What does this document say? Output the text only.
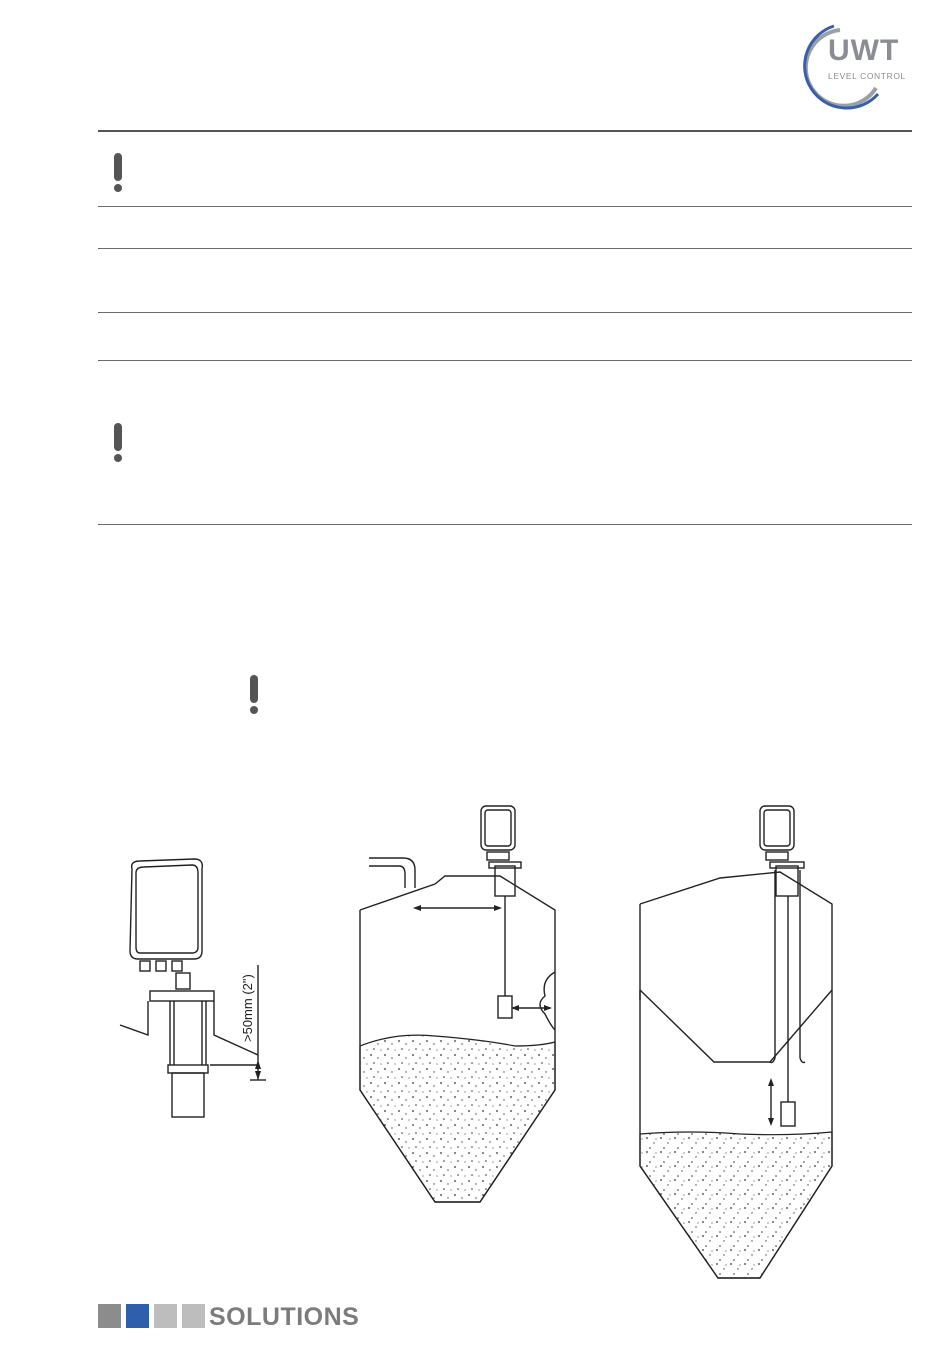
UWT
LEVEL CONTROL
>50mm (2")
SOLUTIONS
